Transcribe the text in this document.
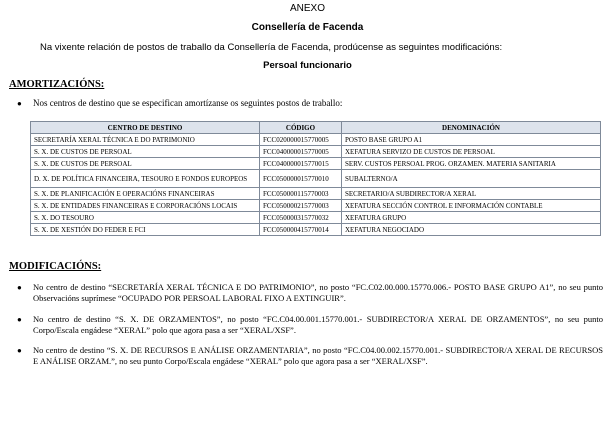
ANEXO
Consellería de Facenda
Na vixente relación de postos de traballo da Consellería de Facenda, prodúcense as seguintes modificacións:
Persoal funcionario
AMORTIZACIÓNS:
● Nos centros de destino que se especifican amortízanse os seguintes postos de traballo:
CENTRO DE DESTINO	CÓDIGO	DENOMINACIÓN
SECRETARÍA XERAL TÉCNICA E DO PATRIMONIO	FCC020000015770005	POSTO BASE GRUPO A1
S. X. DE CUSTOS DE PERSOAL	FCC040000015770005	XEFATURA SERVIZO DE CUSTOS DE PERSOAL
S. X. DE CUSTOS DE PERSOAL	FCC040000015770015	SERV. CUSTOS PERSOAL PROG. ORZAMEN. MATERIA SANITARIA
D. X. DE POLÍTICA FINANCEIRA, TESOURO E FONDOS EUROPEOS	FCC050000015770010	SUBALTERNO/A
S. X. DE PLANIFICACIÓN E OPERACIÓNS FINANCEIRAS	FCC050000115770003	SECRETARIO/A SUBDIRECTOR/A XERAL
S. X. DE ENTIDADES FINANCEIRAS E CORPORACIÓNS LOCAIS	FCC050000215770003	XEFATURA SECCIÓN CONTROL E INFORMACIÓN CONTABLE
S. X. DO TESOURO	FCC050000315770032	XEFATURA GRUPO
S. X. DE XESTIÓN DO FEDER E FCI	FCC050000415770014	XEFATURA NEGOCIADO
MODIFICACIÓNS:
● No centro de destino “SECRETARÍA XERAL TÉCNICA E DO PATRIMONIO”, no posto “FC.C02.00.000.15770.006.- POSTO BASE GRUPO A1”, no seu punto Observacións suprímese “OCUPADO POR PERSOAL LABORAL FIXO A EXTINGUIR”.
● No centro de destino “S. X. DE ORZAMENTOS”, no posto “FC.C04.00.001.15770.001.- SUBDIRECTOR/A XERAL DE ORZAMENTOS”, no seu punto Corpo/Escala engádese “XERAL” polo que agora pasa a ser “XERAL/XSF”.
● No centro de destino “S. X. DE RECURSOS E ANÁLISE ORZAMENTARIA”, no posto “FC.C04.00.002.15770.001.- SUBDIRECTOR/A XERAL DE RECURSOS E ANÁLISE ORZAM.”, no seu punto Corpo/Escala engádese “XERAL” polo que agora pasa a ser “XERAL/XSF”.
